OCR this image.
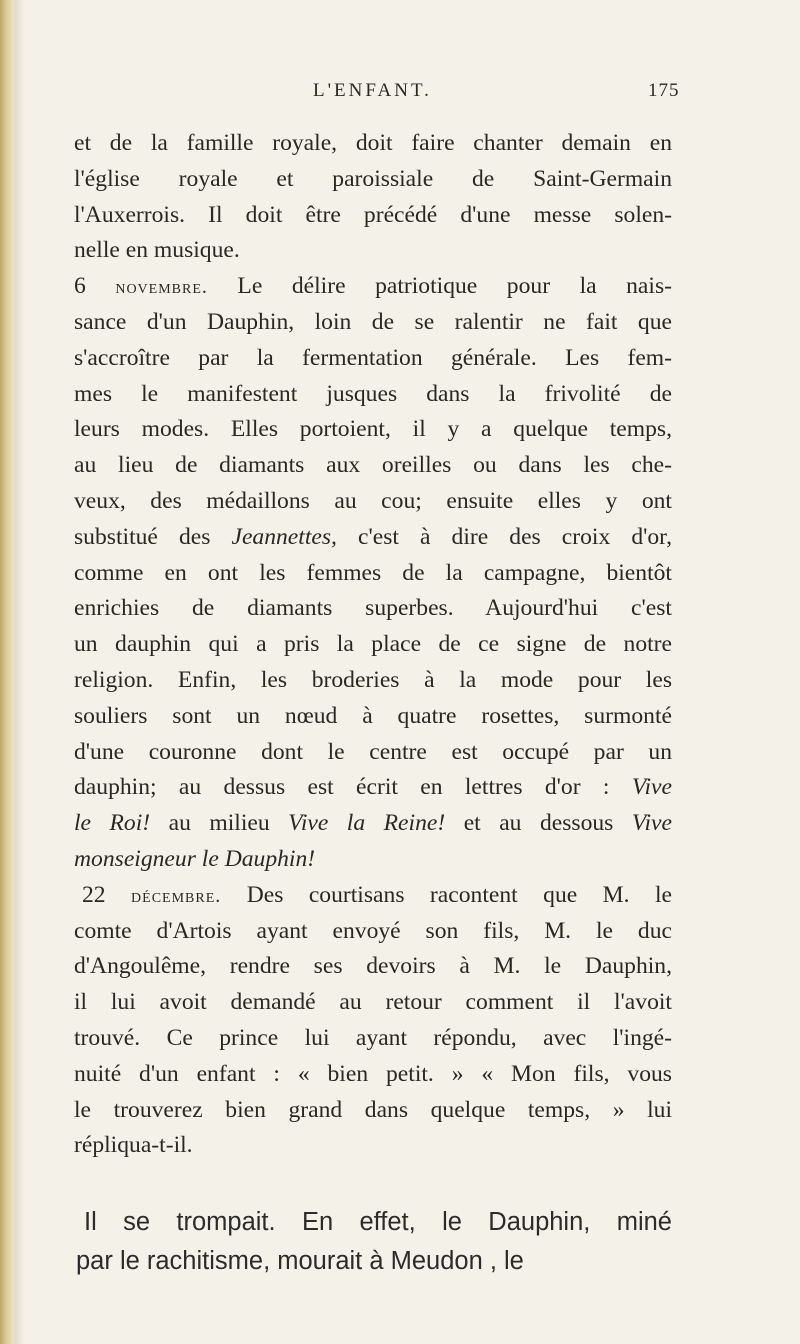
L'ENFANT.	175
et de la famille royale, doit faire chanter demain en
l'église royale et paroissiale de Saint-Germain
l'Auxerrois. Il doit être précédé d'une messe solen-
nelle en musique.
6 novembre. Le délire patriotique pour la nais-
sance d'un Dauphin, loin de se ralentir ne fait que
s'accroître par la fermentation générale. Les fem-
mes le manifestent jusques dans la frivolité de
leurs modes. Elles portoient, il y a quelque temps,
au lieu de diamants aux oreilles ou dans les che-
veux, des médaillons au cou; ensuite elles y ont
substitué des Jeannettes, c'est à dire des croix d'or,
comme en ont les femmes de la campagne, bientôt
enrichies de diamants superbes. Aujourd'hui c'est
un dauphin qui a pris la place de ce signe de notre
religion. Enfin, les broderies à la mode pour les
souliers sont un nœud à quatre rosettes, surmonté
d'une couronne dont le centre est occupé par un
dauphin; au dessus est écrit en lettres d'or : Vive
le Roi! au milieu Vive la Reine! et au dessous Vive
monseigneur le Dauphin!
22 décembre. Des courtisans racontent que M. le
comte d'Artois ayant envoyé son fils, M. le duc
d'Angoulême, rendre ses devoirs à M. le Dauphin,
il lui avoit demandé au retour comment il l'avoit
trouvé. Ce prince lui ayant répondu, avec l'ingé-
nuité d'un enfant : « bien petit. » « Mon fils, vous
le trouverez bien grand dans quelque temps, » lui
répliqua-t-il.
Il se trompait. En effet, le Dauphin, miné
par le rachitisme, mourait à Meudon , le
